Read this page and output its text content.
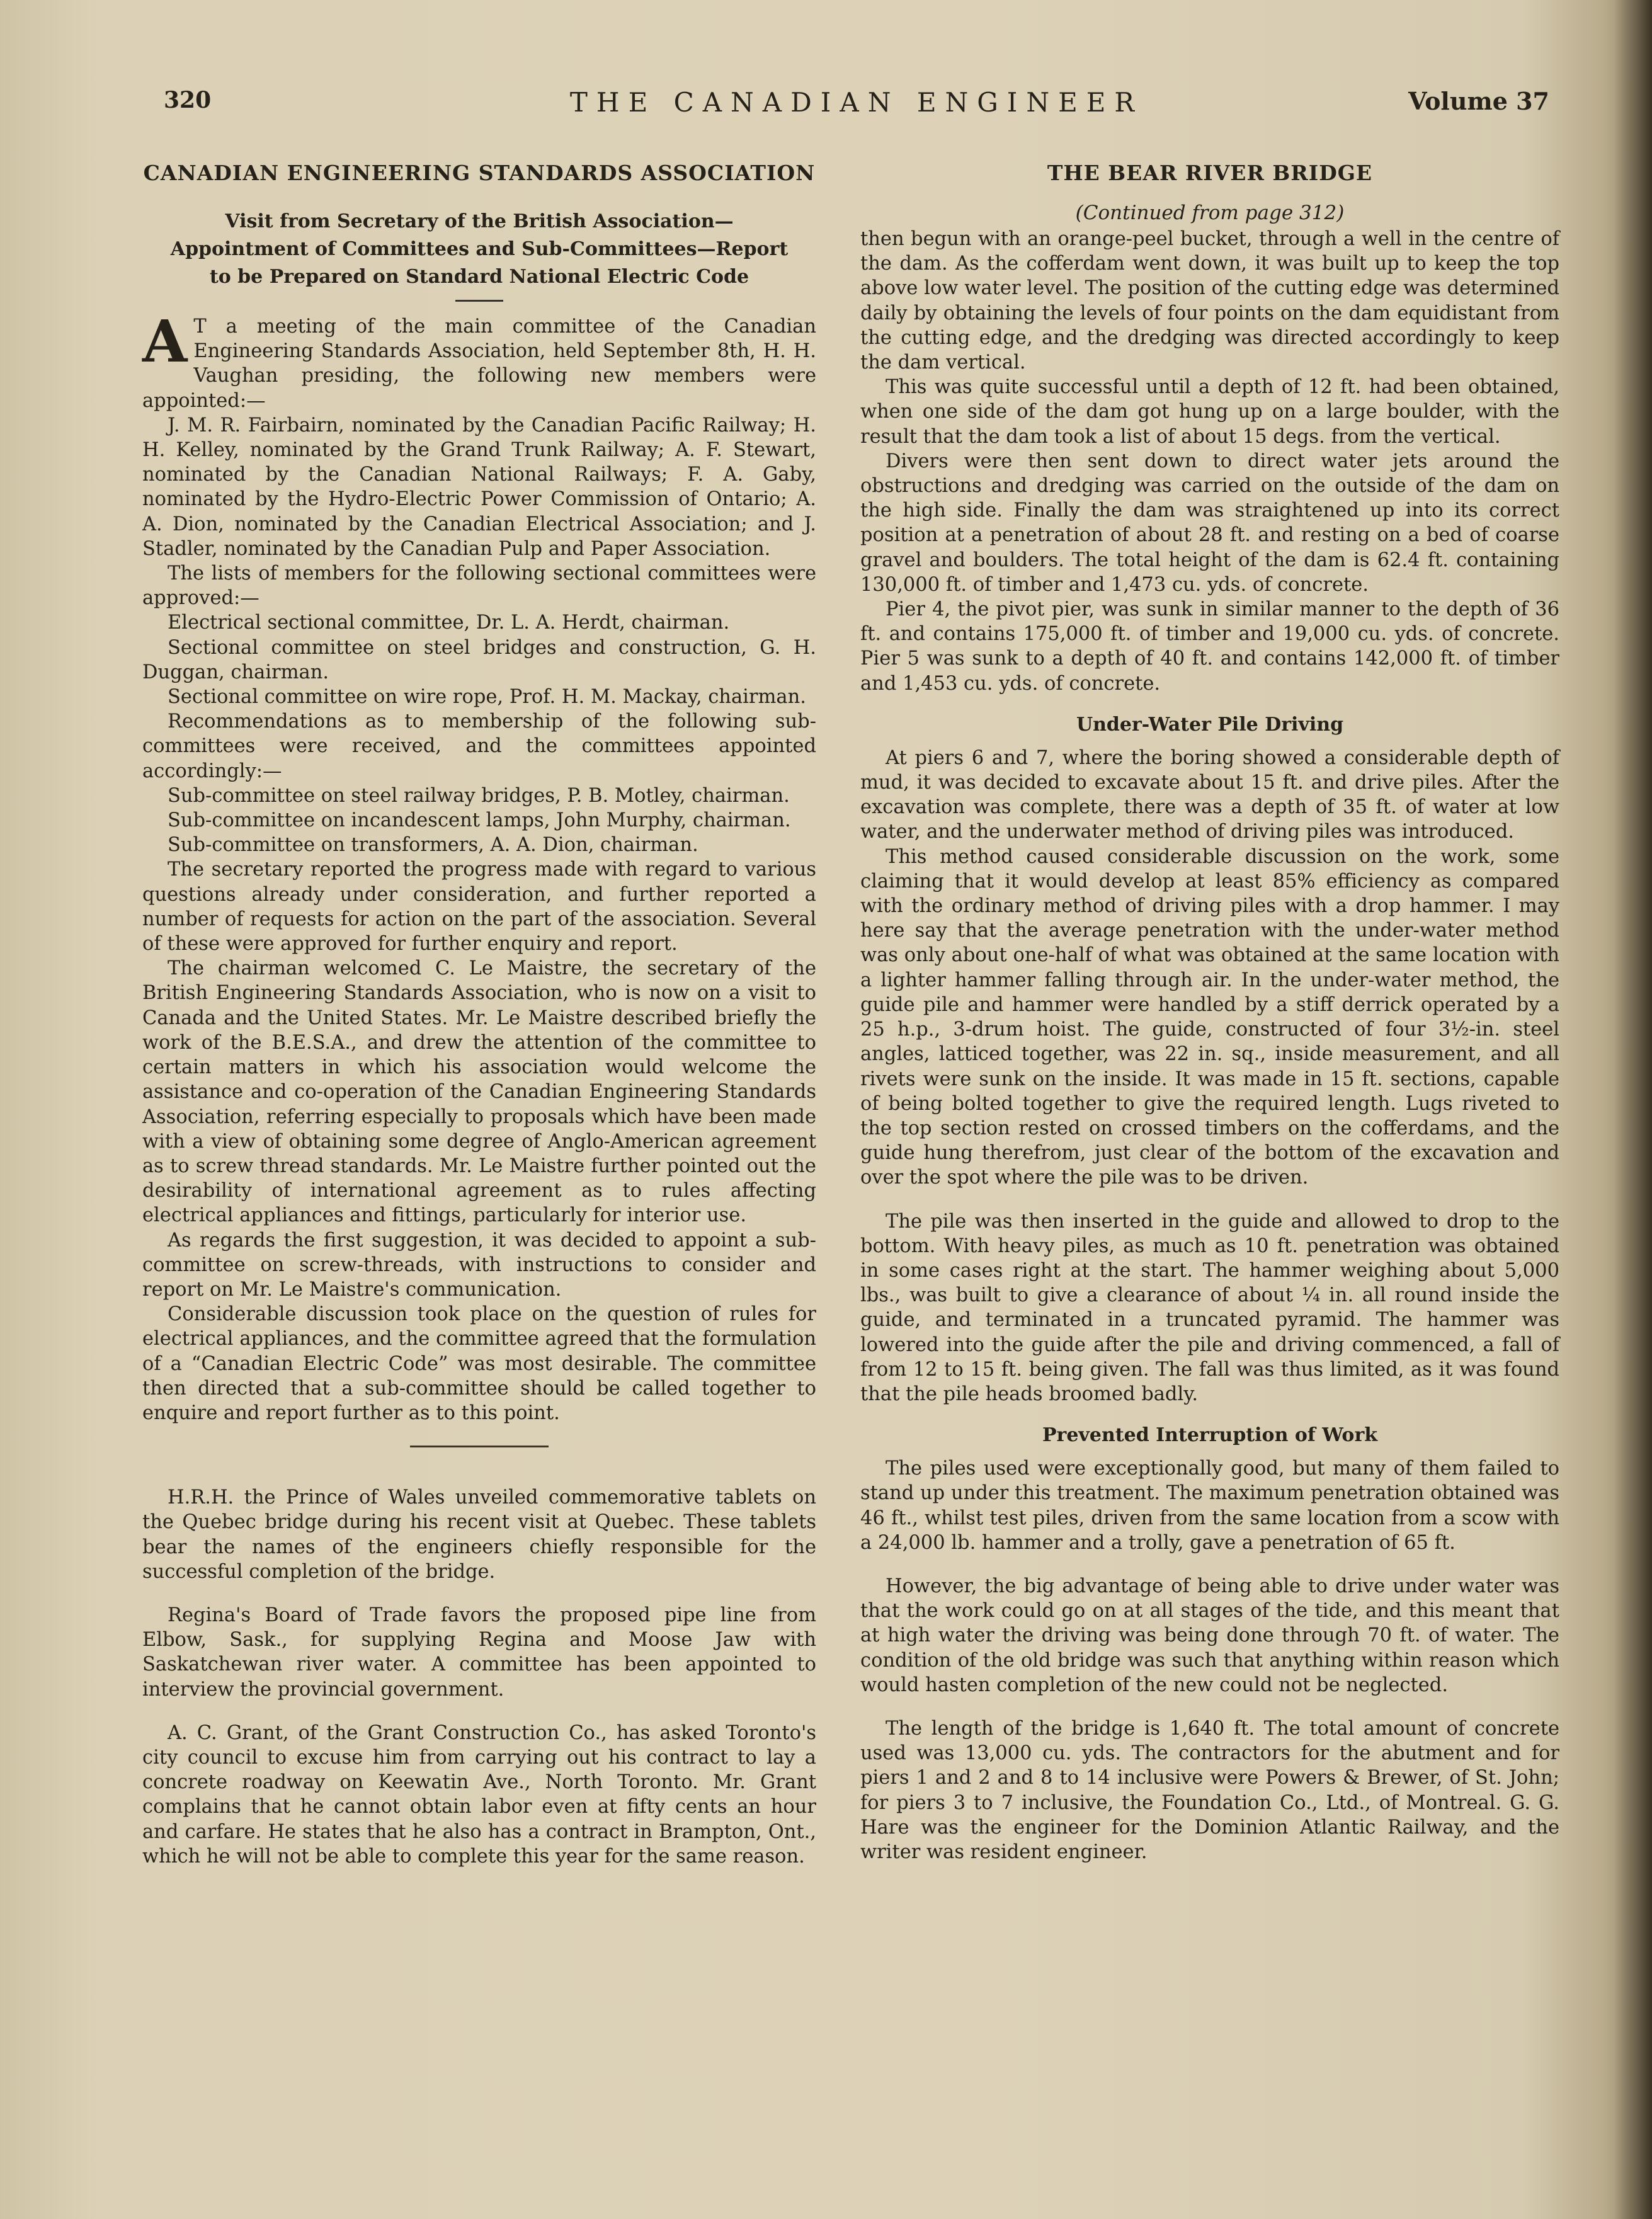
THE CANADIAN ENGINEER
320	Volume 37
CANADIAN ENGINEERING STANDARDS ASSOCIATION
Visit from Secretary of the British Association—Appointment of Committees and Sub-Committees—Report to be Prepared on Standard National Electric Code
A T a meeting of the main committee of the Canadian Engineering Standards Association, held September 8th, H. H. Vaughan presiding, the following new members were appointed:—

J. M. R. Fairbairn, nominated by the Canadian Pacific Railway; H. H. Kelley, nominated by the Grand Trunk Railway; A. F. Stewart, nominated by the Canadian National Railways; F. A. Gaby, nominated by the Hydro-Electric Power Commission of Ontario; A. A. Dion, nominated by the Canadian Electrical Association; and J. Stadler, nominated by the Canadian Pulp and Paper Association.

The lists of members for the following sectional committees were approved:—

Electrical sectional committee, Dr. L. A. Herdt, chairman.

Sectional committee on steel bridges and construction, G. H. Duggan, chairman.

Sectional committee on wire rope, Prof. H. M. Mackay, chairman.

Recommendations as to membership of the following sub-committees were received, and the committees appointed accordingly:—

Sub-committee on steel railway bridges, P. B. Motley, chairman.

Sub-committee on incandescent lamps, John Murphy, chairman.

Sub-committee on transformers, A. A. Dion, chairman.

The secretary reported the progress made with regard to various questions already under consideration, and further reported a number of requests for action on the part of the association. Several of these were approved for further enquiry and report.

The chairman welcomed C. Le Maistre, the secretary of the British Engineering Standards Association, who is now on a visit to Canada and the United States. Mr. Le Maistre described briefly the work of the B.E.S.A., and drew the attention of the committee to certain matters in which his association would welcome the assistance and co-operation of the Canadian Engineering Standards Association, referring especially to proposals which have been made with a view of obtaining some degree of Anglo-American agreement as to screw thread standards. Mr. Le Maistre further pointed out the desirability of international agreement as to rules affecting electrical appliances and fittings, particularly for interior use.

As regards the first suggestion, it was decided to appoint a sub-committee on screw-threads, with instructions to consider and report on Mr. Le Maistre's communication.

Considerable discussion took place on the question of rules for electrical appliances, and the committee agreed that the formulation of a “Canadian Electric Code” was most desirable. The committee then directed that a sub-committee should be called together to enquire and report further as to this point.

H.R.H. the Prince of Wales unveiled commemorative tablets on the Quebec bridge during his recent visit at Quebec. These tablets bear the names of the engineers chiefly responsible for the successful completion of the bridge.

Regina's Board of Trade favors the proposed pipe line from Elbow, Sask., for supplying Regina and Moose Jaw with Saskatchewan river water. A committee has been appointed to interview the provincial government.

A. C. Grant, of the Grant Construction Co., has asked Toronto's city council to excuse him from carrying out his contract to lay a concrete roadway on Keewatin Ave., North Toronto. Mr. Grant complains that he cannot obtain labor even at fifty cents an hour and carfare. He states that he also has a contract in Brampton, Ont., which he will not be able to complete this year for the same reason.

THE BEAR RIVER BRIDGE
(Continued from page 312)

then begun with an orange-peel bucket, through a well in the centre of the dam. As the cofferdam went down, it was built up to keep the top above low water level. The position of the cutting edge was determined daily by obtaining the levels of four points on the dam equidistant from the cutting edge, and the dredging was directed accordingly to keep the dam vertical.

This was quite successful until a depth of 12 ft. had been obtained, when one side of the dam got hung up on a large boulder, with the result that the dam took a list of about 15 degs. from the vertical.

Divers were then sent down to direct water jets around the obstructions and dredging was carried on the outside of the dam on the high side. Finally the dam was straightened up into its correct position at a penetration of about 28 ft. and resting on a bed of coarse gravel and boulders. The total height of the dam is 62.4 ft. containing 130,000 ft. of timber and 1,473 cu. yds. of concrete.

Pier 4, the pivot pier, was sunk in similar manner to the depth of 36 ft. and contains 175,000 ft. of timber and 19,000 cu. yds. of concrete. Pier 5 was sunk to a depth of 40 ft. and contains 142,000 ft. of timber and 1,453 cu. yds. of concrete.

Under-Water Pile Driving

At piers 6 and 7, where the boring showed a considerable depth of mud, it was decided to excavate about 15 ft. and drive piles. After the excavation was complete, there was a depth of 35 ft. of water at low water, and the underwater method of driving piles was introduced.

This method caused considerable discussion on the work, some claiming that it would develop at least 85% efficiency as compared with the ordinary method of driving piles with a drop hammer. I may here say that the average penetration with the under-water method was only about one-half of what was obtained at the same location with a lighter hammer falling through air. In the under-water method, the guide pile and hammer were handled by a stiff derrick operated by a 25 h.p., 3-drum hoist. The guide, constructed of four 3½-in. steel angles, latticed together, was 22 in. sq., inside measurement, and all rivets were sunk on the inside. It was made in 15 ft. sections, capable of being bolted together to give the required length. Lugs riveted to the top section rested on crossed timbers on the cofferdams, and the guide hung therefrom, just clear of the bottom of the excavation and over the spot where the pile was to be driven.

The pile was then inserted in the guide and allowed to drop to the bottom. With heavy piles, as much as 10 ft. penetration was obtained in some cases right at the start. The hammer weighing about 5,000 lbs., was built to give a clearance of about ¼ in. all round inside the guide, and terminated in a truncated pyramid. The hammer was lowered into the guide after the pile and driving commenced, a fall of from 12 to 15 ft. being given. The fall was thus limited, as it was found that the pile heads broomed badly.

Prevented Interruption of Work

The piles used were exceptionally good, but many of them failed to stand up under this treatment. The maximum penetration obtained was 46 ft., whilst test piles, driven from the same location from a scow with a 24,000 lb. hammer and a trolly, gave a penetration of 65 ft.

However, the big advantage of being able to drive under water was that the work could go on at all stages of the tide, and this meant that at high water the driving was being done through 70 ft. of water. The condition of the old bridge was such that anything within reason which would hasten completion of the new could not be neglected.

The length of the bridge is 1,640 ft. The total amount of concrete used was 13,000 cu. yds. The contractors for the abutment and for piers 1 and 2 and 8 to 14 inclusive were Powers & Brewer, of St. John; for piers 3 to 7 inclusive, the Foundation Co., Ltd., of Montreal. G. G. Hare was the engineer for the Dominion Atlantic Railway, and the writer was resident engineer.
